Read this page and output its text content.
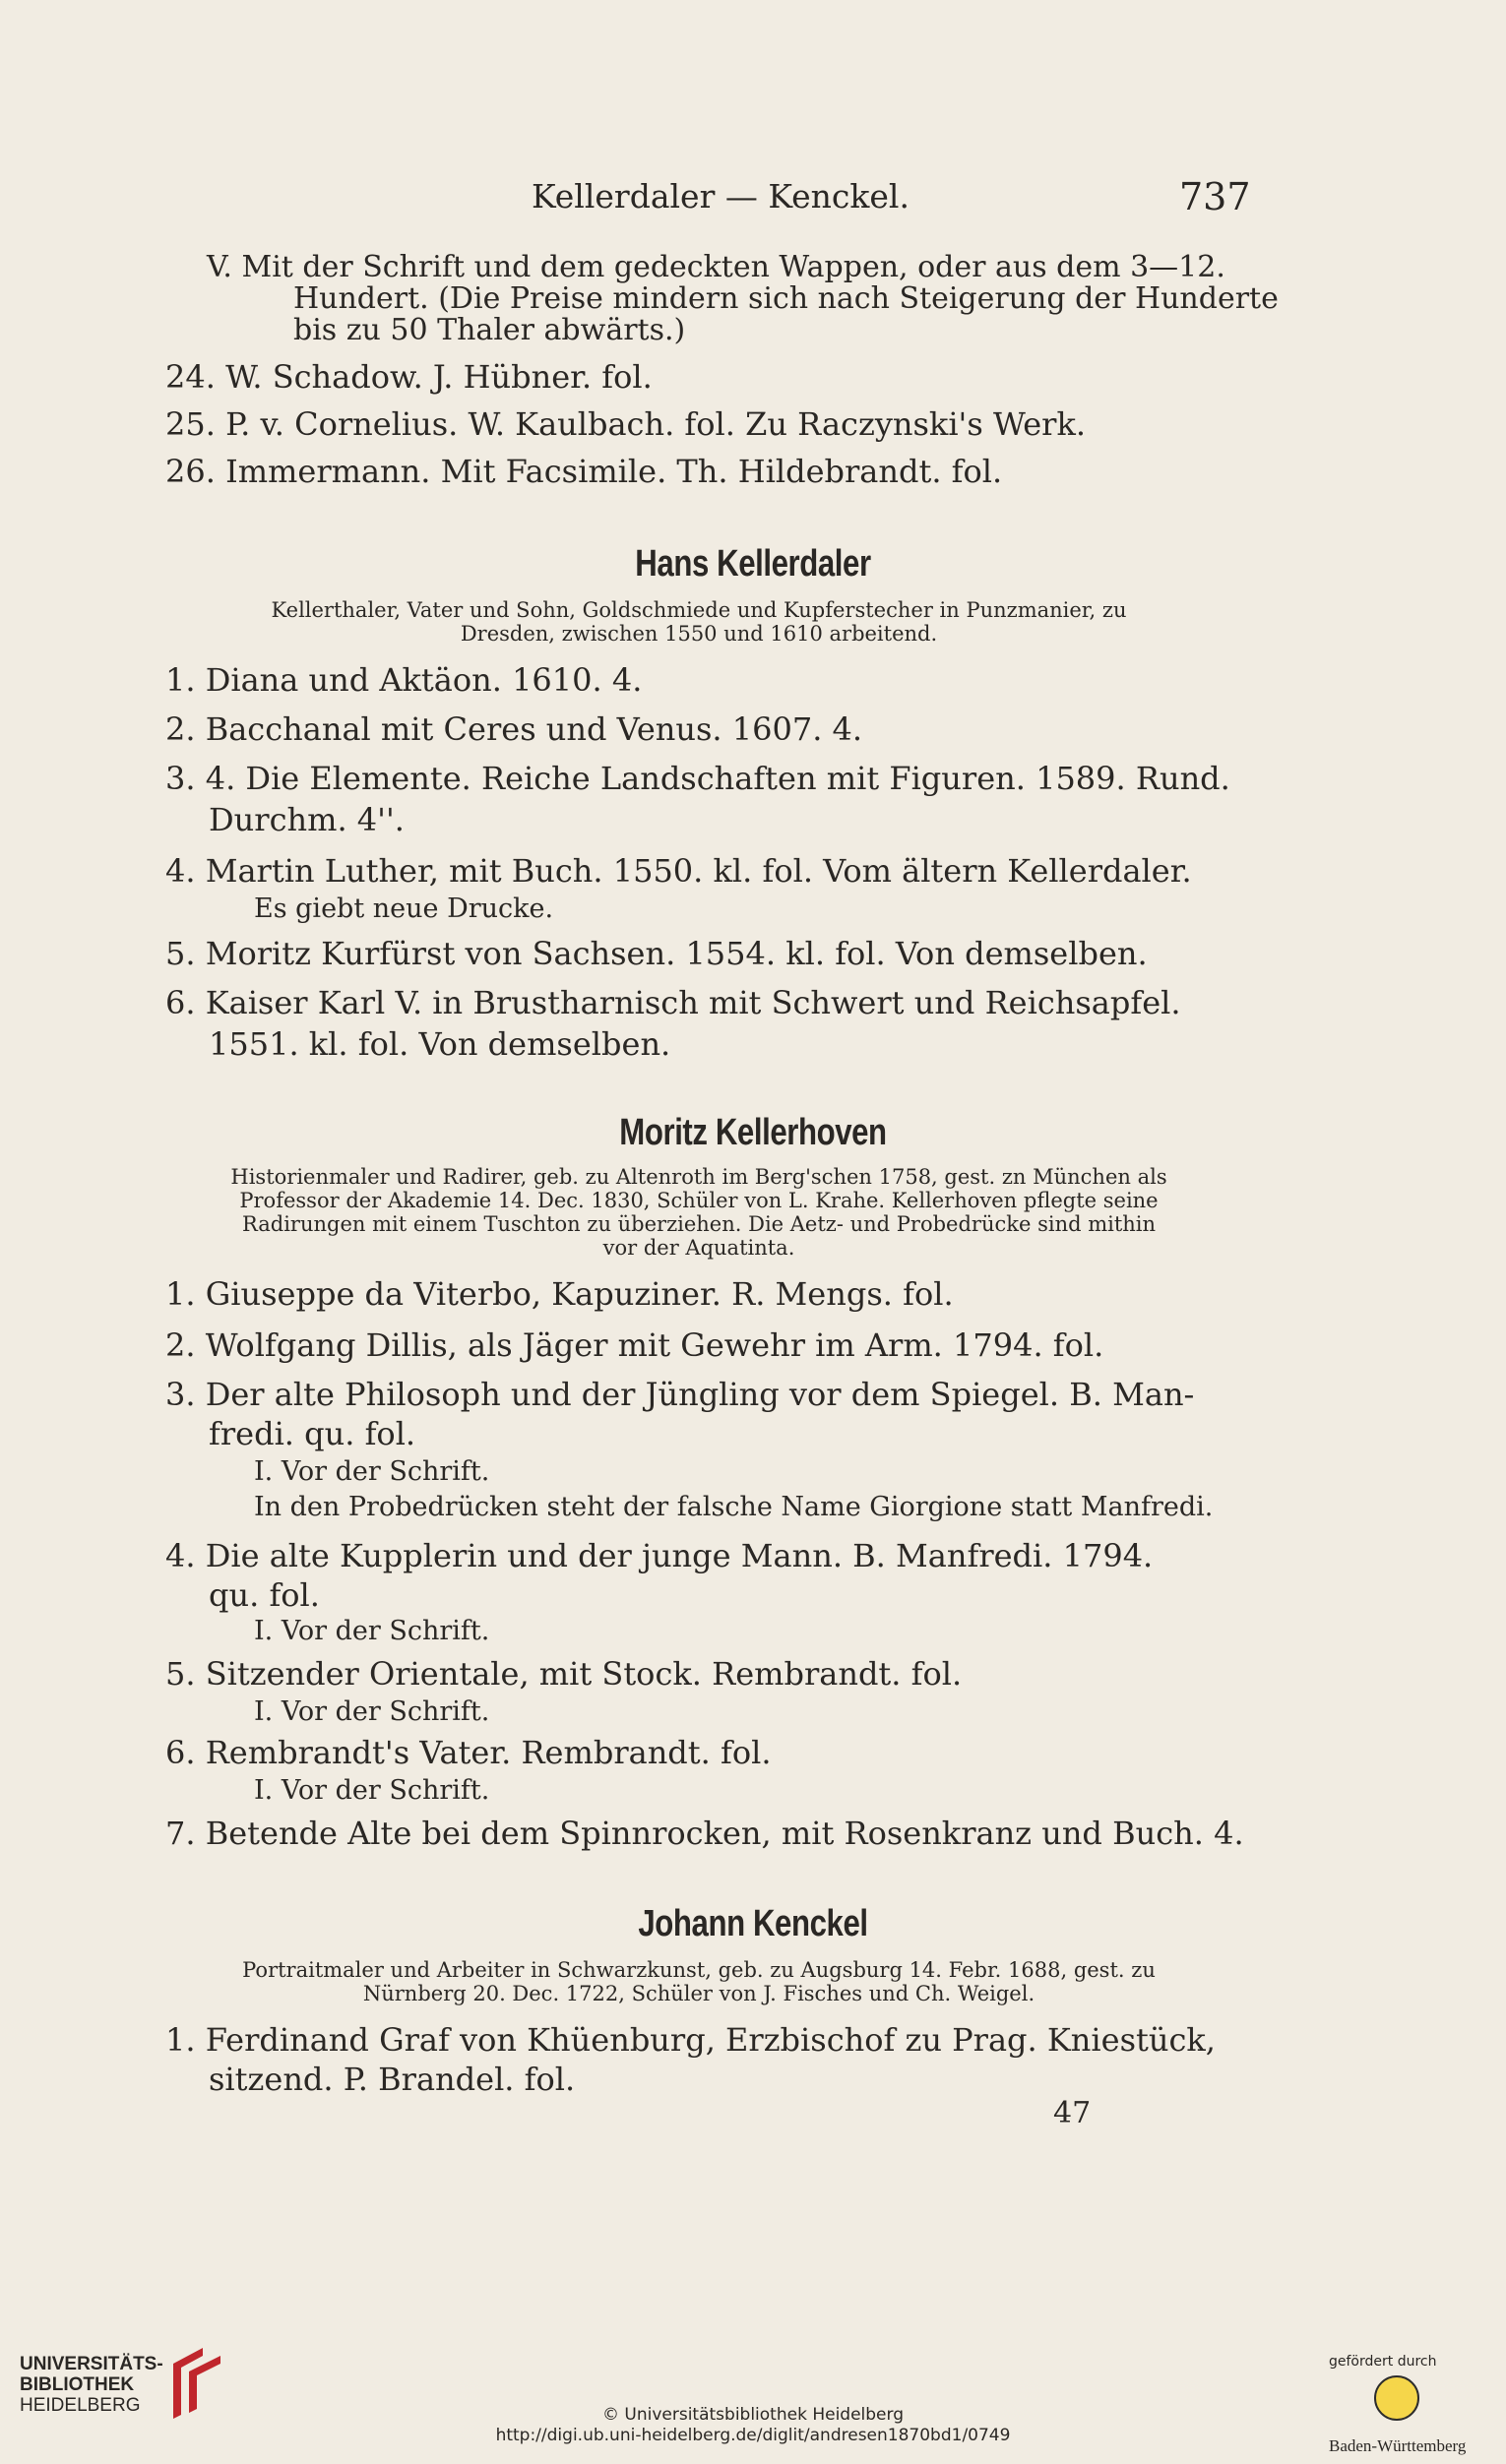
Kellerdaler — Kenckel.	737
V. Mit der Schrift und dem gedeckten Wappen, oder aus dem 3—12.
Hundert. (Die Preise mindern sich nach Steigerung der Hunderte
bis zu 50 Thaler abwärts.)
24. W. Schadow. J. Hübner. fol.
25. P. v. Cornelius. W. Kaulbach. fol. Zu Raczynski's Werk.
26. Immermann. Mit Facsimile. Th. Hildebrandt. fol.
Hans Kellerdaler
Kellerthaler, Vater und Sohn, Goldschmiede und Kupferstecher in Punzmanier, zu
Dresden, zwischen 1550 und 1610 arbeitend.
1. Diana und Aktäon. 1610. 4.
2. Bacchanal mit Ceres und Venus. 1607. 4.
3. 4. Die Elemente. Reiche Landschaften mit Figuren. 1589. Rund.
Durchm. 4''.
4. Martin Luther, mit Buch. 1550. kl. fol. Vom ältern Kellerdaler.
Es giebt neue Drucke.
5. Moritz Kurfürst von Sachsen. 1554. kl. fol. Von demselben.
6. Kaiser Karl V. in Brustharnisch mit Schwert und Reichsapfel.
1551. kl. fol. Von demselben.
Moritz Kellerhoven
Historienmaler und Radirer, geb. zu Altenroth im Berg'schen 1758, gest. zn München als
Professor der Akademie 14. Dec. 1830, Schüler von L. Krahe. Kellerhoven pflegte seine
Radirungen mit einem Tuschton zu überziehen. Die Aetz- und Probedrücke sind mithin
vor der Aquatinta.
1. Giuseppe da Viterbo, Kapuziner. R. Mengs. fol.
2. Wolfgang Dillis, als Jäger mit Gewehr im Arm. 1794. fol.
3. Der alte Philosoph und der Jüngling vor dem Spiegel. B. Man-
fredi. qu. fol.
I. Vor der Schrift.
In den Probedrücken steht der falsche Name Giorgione statt Manfredi.
4. Die alte Kupplerin und der junge Mann. B. Manfredi. 1794.
qu. fol.
I. Vor der Schrift.
5. Sitzender Orientale, mit Stock. Rembrandt. fol.
I. Vor der Schrift.
6. Rembrandt's Vater. Rembrandt. fol.
I. Vor der Schrift.
7. Betende Alte bei dem Spinnrocken, mit Rosenkranz und Buch. 4.
Johann Kenckel
Portraitmaler und Arbeiter in Schwarzkunst, geb. zu Augsburg 14. Febr. 1688, gest. zu
Nürnberg 20. Dec. 1722, Schüler von J. Fisches und Ch. Weigel.
1. Ferdinand Graf von Khüenburg, Erzbischof zu Prag. Kniestück,
sitzend. P. Brandel. fol.
47
UNIVERSITÄTS-
BIBLIOTHEK
HEIDELBERG	© Universitätsbibliothek Heidelberg
http://digi.ub.uni-heidelberg.de/diglit/andresen1870bd1/0749
gefördert durch
Baden-Württemberg
